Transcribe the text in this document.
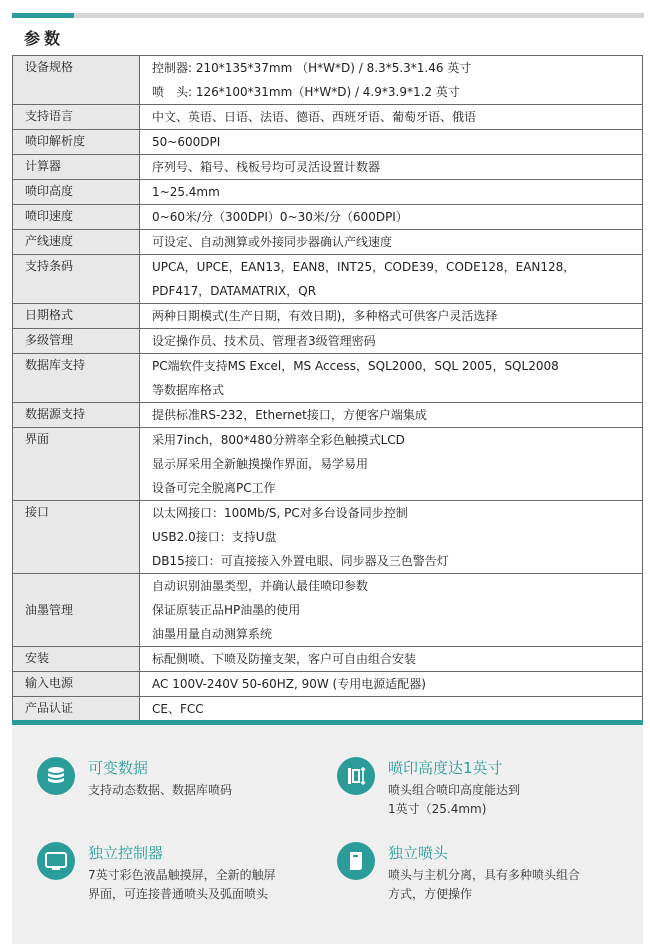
参数
设备规格	控制器: 210*135*37mm （H*W*D) / 8.3*5.3*1.46 英寸
喷　头: 126*100*31mm（H*W*D) / 4.9*3.9*1.2 英寸

支持语言	中文、英语、日语、法语、德语、西班牙语、葡萄牙语、俄语

喷印解析度	50~600DPI

计算器	序列号、箱号、栈板号均可灵活设置计数器

喷印高度	1~25.4mm

喷印速度	0~60米/分（300DPI）0~30米/分（600DPI）

产线速度	可设定、自动测算或外接同步器确认产线速度

支持条码	UPCA，UPCE，EAN13，EAN8，INT25，CODE39，CODE128，EAN128，
PDF417，DATAMATRIX，QR

日期格式	两种日期模式(生产日期，有效日期)，多种格式可供客户灵活选择

多级管理	设定操作员、技术员、管理者3级管理密码

数据库支持	PC端软件支持MS Excel，MS Access，SQL2000，SQL 2005，SQL2008
等数据库格式

数据源支持	提供标准RS-232，Ethernet接口，方便客户端集成

界面	采用7inch，800*480分辨率全彩色触摸式LCD
显示屏采用全新触摸操作界面，易学易用
设备可完全脱离PC工作

接口	以太网接口：100Mb/S, PC对多台设备同步控制
USB2.0接口：支持U盘
DB15接口：可直接接入外置电眼、同步器及三色警告灯

油墨管理	自动识别油墨类型，并确认最佳喷印参数
保证原装正品HP油墨的使用
油墨用量自动测算系统

安装	标配侧喷、下喷及防撞支架，客户可自由组合安装

输入电源	AC 100V-240V 50-60HZ, 90W (专用电源适配器)

产品认证	CE、FCC
可变数据
支持动态数据、数据库喷码
喷印高度达1英寸
喷头组合喷印高度能达到
1英寸（25.4mm)
独立控制器
7英寸彩色液晶触摸屏，全新的触屏
界面，可连接普通喷头及弧面喷头
独立喷头
喷头与主机分离，具有多种喷头组合
方式，方便操作
